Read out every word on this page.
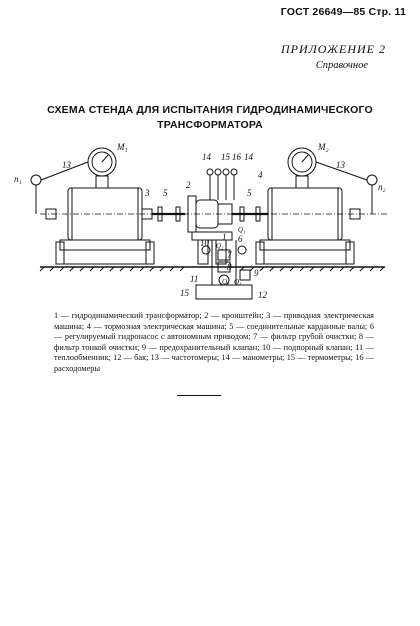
ГОСТ 26649—85 Стр. 11
ПРИЛОЖЕНИЕ 2
Справочное
СХЕМА СТЕНДА ДЛЯ ИСПЫТАНИЯ ГИДРОДИНАМИЧЕСКОГО
ТРАНСФОРМАТОРА
n₁
n₂
M₁	M₂
13	13
3
4
5	5
2
14 15 16 14
10
1 6
7
8
9
11
15	12
Q₁
Q₂
Q₃ Q₄
1 — гидродинамический трансформатор; 2 — кронштейн; 3 — приводная электрическая машина; 4 — тормозная электрическая машина; 5 — соединительные карданные валы; 6 — регулируемый гидронасос с автономным приводом; 7 — фильтр грубой очистки; 8 — фильтр тонкой очистки; 9 — предохранительный клапан; 10 — подпорный клапан; 11 — теплообменник; 12 — бак; 13 — частотомеры; 14 — манометры; 15 — термометры; 16 — расходомеры
